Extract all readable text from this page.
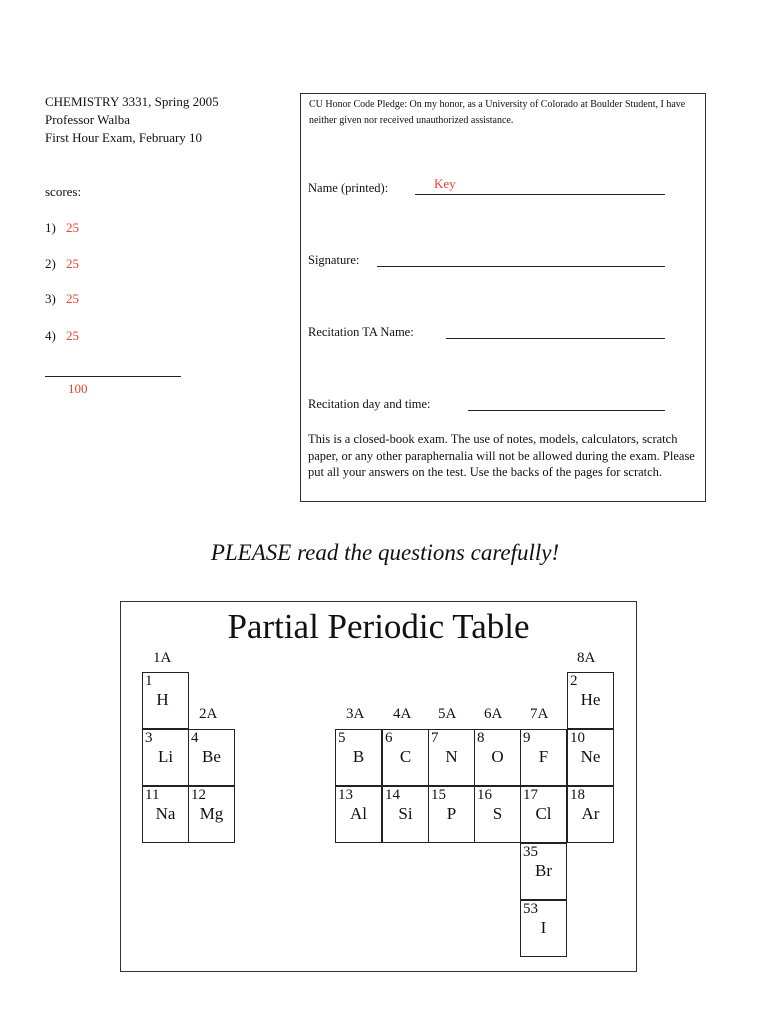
CHEMISTRY 3331, Spring 2005
Professor Walba
First Hour Exam, February 10
scores:
1) 25
2) 25
3) 25
4) 25
100
CU Honor Code Pledge: On my honor, as a University of Colorado at Boulder Student, I have neither given nor received unauthorized assistance.
Name (printed):	Key
Signature:
Recitation TA Name:
Recitation day and time:
This is a closed-book exam. The use of notes, models, calculators, scratch paper, or any other paraphernalia will not be allowed during the exam. Please put all your answers on the test. Use the backs of the pages for scratch.
PLEASE read the questions carefully!
Partial Periodic Table
1A
2A	3A 4A 5A 6A 7A
8A
1
H
2
He
3
Li
4
Be
5
B
6
C
7
N
8
O
9
F
10
Ne
11
Na
12
Mg
13
Al
14
Si
15
P
16
S
17
Cl
18
Ar
35
Br
53
I
